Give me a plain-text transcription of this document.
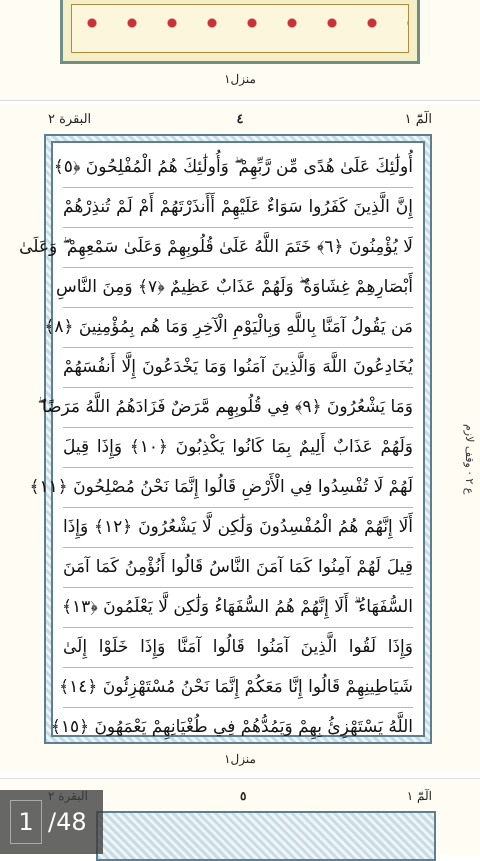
منزل١
البقرة ٢	٤	الٓمّٓ ١
أُولَٰئِكَ عَلَىٰ هُدًى مِّن رَّبِّهِمْ ۖ وَأُولَٰئِكَ هُمُ الْمُفْلِحُونَ ﴿٥﴾
إِنَّ الَّذِينَ كَفَرُوا سَوَاءٌ عَلَيْهِمْ أَأَنذَرْتَهُمْ أَمْ لَمْ تُنذِرْهُمْ
لَا يُؤْمِنُونَ ﴿٦﴾ خَتَمَ اللَّهُ عَلَىٰ قُلُوبِهِمْ وَعَلَىٰ سَمْعِهِمْ ۖ وَعَلَىٰ
أَبْصَارِهِمْ غِشَاوَةٌ ۖ وَلَهُمْ عَذَابٌ عَظِيمٌ ﴿٧﴾ وَمِنَ النَّاسِ
مَن يَقُولُ آمَنَّا بِاللَّهِ وَبِالْيَوْمِ الْآخِرِ وَمَا هُم بِمُؤْمِنِينَ ﴿٨﴾
يُخَادِعُونَ اللَّهَ وَالَّذِينَ آمَنُوا وَمَا يَخْدَعُونَ إِلَّا أَنفُسَهُمْ
وَمَا يَشْعُرُونَ ﴿٩﴾ فِي قُلُوبِهِم مَّرَضٌ فَزَادَهُمُ اللَّهُ مَرَضًا ۖ
وَلَهُمْ عَذَابٌ أَلِيمٌ بِمَا كَانُوا يَكْذِبُونَ ﴿١٠﴾ وَإِذَا قِيلَ
لَهُمْ لَا تُفْسِدُوا فِي الْأَرْضِ قَالُوا إِنَّمَا نَحْنُ مُصْلِحُونَ ﴿١١﴾
أَلَا إِنَّهُمْ هُمُ الْمُفْسِدُونَ وَلَٰكِن لَّا يَشْعُرُونَ ﴿١٢﴾ وَإِذَا
قِيلَ لَهُمْ آمِنُوا كَمَا آمَنَ النَّاسُ قَالُوا أَنُؤْمِنُ كَمَا آمَنَ
السُّفَهَاءُ ۗ أَلَا إِنَّهُمْ هُمُ السُّفَهَاءُ وَلَٰكِن لَّا يَعْلَمُونَ ﴿١٣﴾
وَإِذَا لَقُوا الَّذِينَ آمَنُوا قَالُوا آمَنَّا وَإِذَا خَلَوْا إِلَىٰ
شَيَاطِينِهِمْ قَالُوا إِنَّا مَعَكُمْ إِنَّمَا نَحْنُ مُسْتَهْزِئُونَ ﴿١٤﴾
اللَّهُ يَسْتَهْزِئُ بِهِمْ وَيَمُدُّهُمْ فِي طُغْيَانِهِمْ يَعْمَهُونَ ﴿١٥﴾
ع ٢ · وقف لازم
منزل١
٥	الٓمّٓ ١
1 /48
